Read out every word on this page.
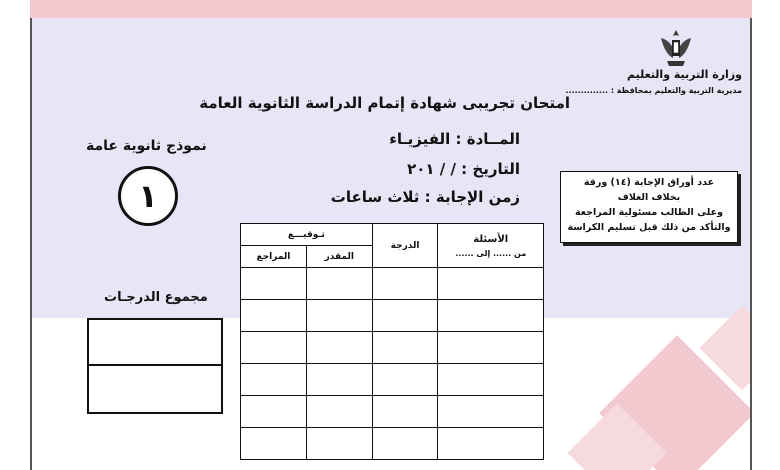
وزارة التربية والتعليم
مديرية التربية والتعليم بمحافظة : ..............
امتحان تجريبى شهادة إتمام الدراسة الثانوية العامة
المــادة : الفيزيـاء
التاريخ : / / ٢٠١
زمن الإجابة : ثلاث ساعات
نموذج ثانوية عامة
١	عدد أوراق الإجابة (١٤) ورقة
بخلاف الغلاف
وعلى الطالب مسئولية المراجعة
والتأكد من ذلك قبل تسليم الكراسة
الأسئلة
من ...... إلى ......	الدرجة	تـوقيـــع	
		المقدر	المراجع

مجموع الدرجـات
